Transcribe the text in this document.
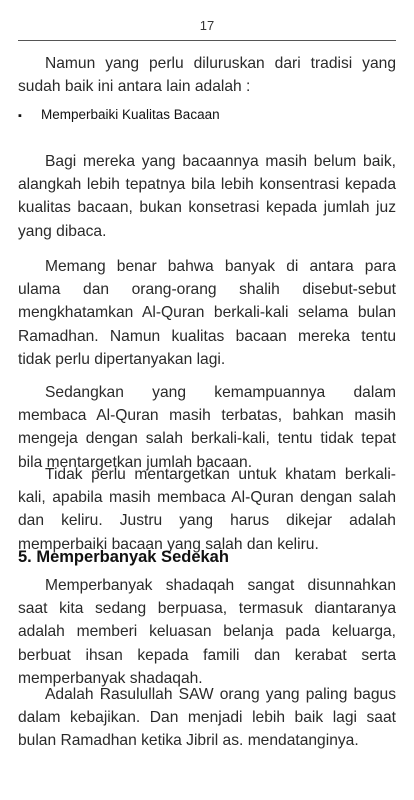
17

Namun yang perlu diluruskan dari tradisi yang sudah baik ini antara lain adalah :

▪ Memperbaiki Kualitas Bacaan

Bagi mereka yang bacaannya masih belum baik, alangkah lebih tepatnya bila lebih konsentrasi kepada kualitas bacaan, bukan konsetrasi kepada jumlah juz yang dibaca.

Memang benar bahwa banyak di antara para ulama dan orang-orang shalih disebut-sebut mengkhatamkan Al-Quran berkali-kali selama bulan Ramadhan. Namun kualitas bacaan mereka tentu tidak perlu dipertanyakan lagi.

Sedangkan yang kemampuannya dalam membaca Al-Quran masih terbatas, bahkan masih mengeja dengan salah berkali-kali, tentu tidak tepat bila mentargetkan jumlah bacaan.

Tidak perlu mentargetkan untuk khatam berkali-kali, apabila masih membaca Al-Quran dengan salah dan keliru. Justru yang harus dikejar adalah memperbaiki bacaan yang salah dan keliru.

5. Memperbanyak Sedekah

Memperbanyak shadaqah sangat disunnahkan saat kita sedang berpuasa, termasuk diantaranya adalah memberi keluasan belanja pada keluarga, berbuat ihsan kepada famili dan kerabat serta memperbanyak shadaqah.

Adalah Rasulullah SAW orang yang paling bagus dalam kebajikan. Dan menjadi lebih baik lagi saat bulan Ramadhan ketika Jibril as. mendatanginya.
